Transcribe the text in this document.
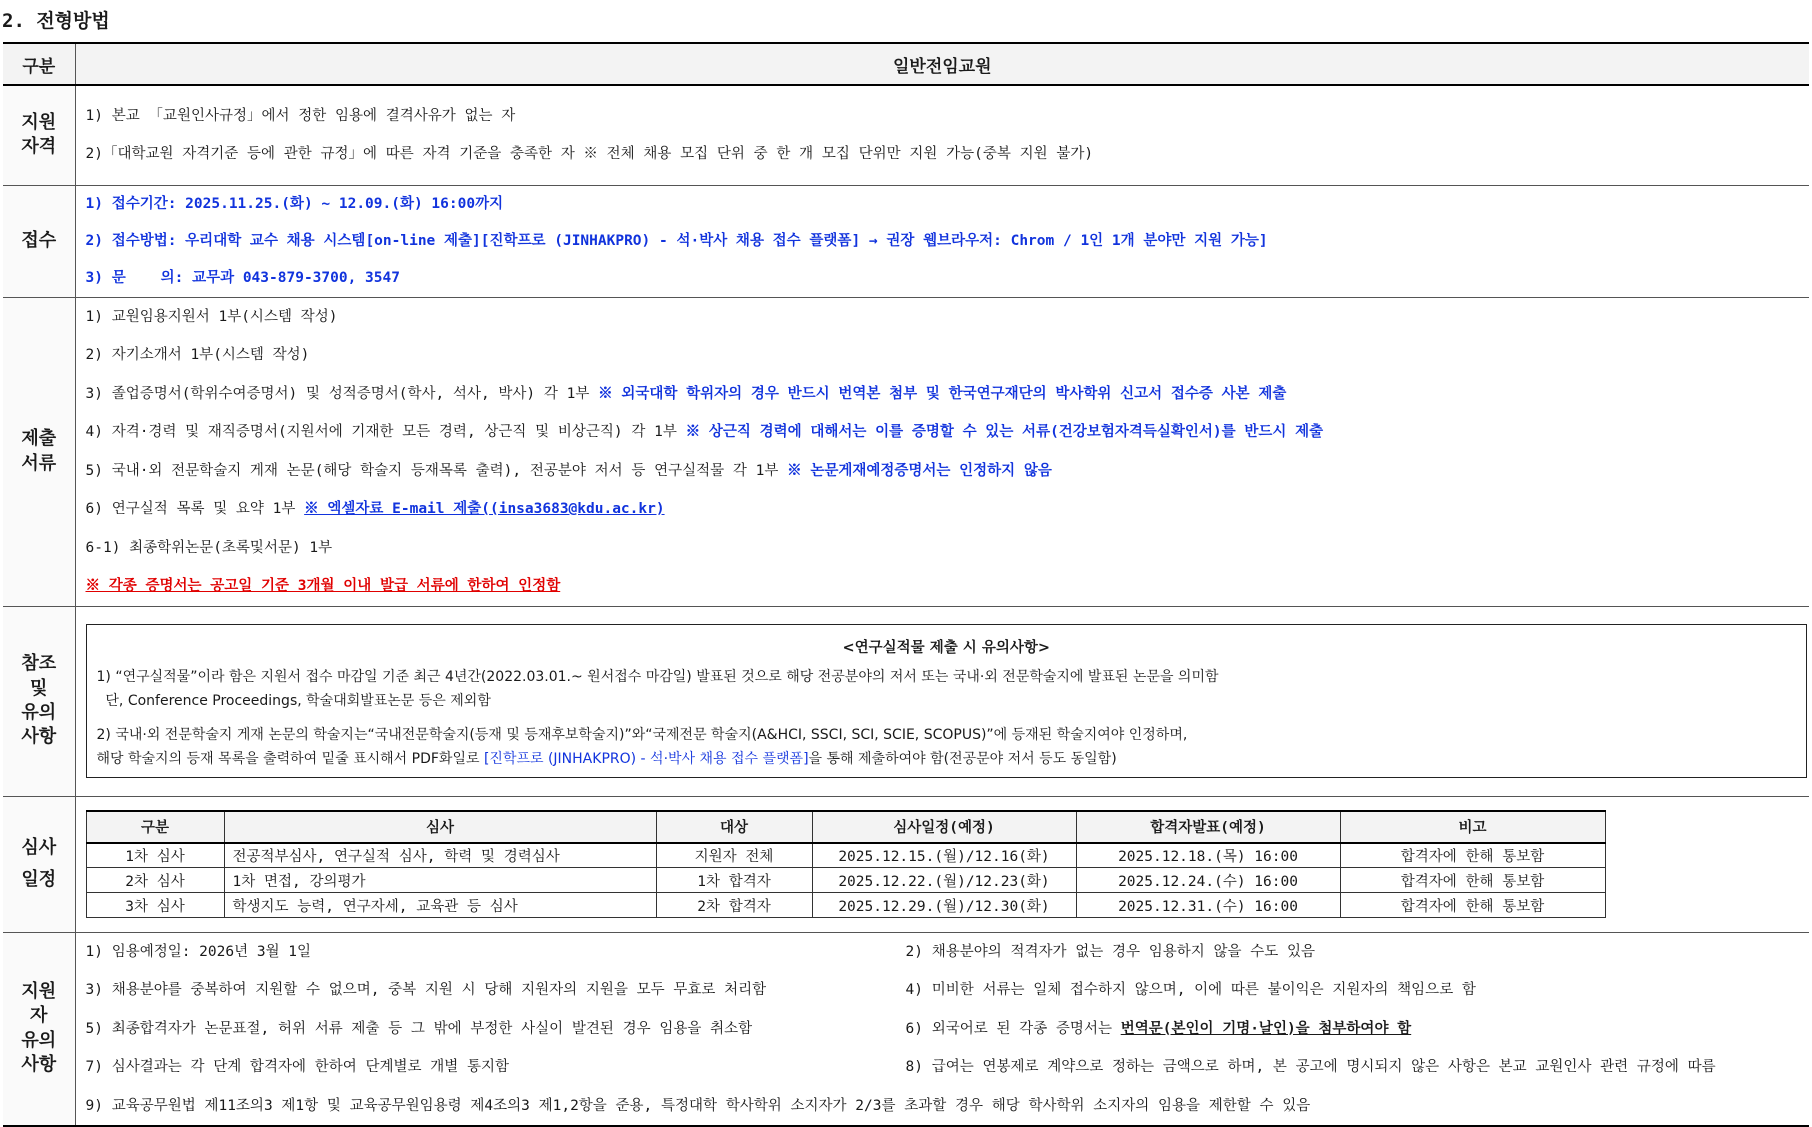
2. 전형방법
구분	일반전임교원
지원
자격	
1) 본교 「교원인사규정」에서 정한 임용에 결격사유가 없는 자
2)「대학교원 자격기준 등에 관한 규정」에 따른 자격 기준을 충족한 자 ※ 전체 채용 모집 단위 중 한 개 모집 단위만 지원 가능(중복 지원 불가)

접수	
1) 접수기간: 2025.11.25.(화) ~ 12.09.(화) 16:00까지
2) 접수방법: 우리대학 교수 채용 시스템[on-line 제출][진학프로 (JINHAKPRO) - 석·박사 채용 접수 플랫폼] → 권장 웹브라우저: Chrom / 1인 1개 분야만 지원 가능]
3) 문    의: 교무과 043-879-3700, 3547

제출
서류	
1) 교원임용지원서 1부(시스템 작성)
2) 자기소개서 1부(시스템 작성)
3) 졸업증명서(학위수여증명서) 및 성적증명서(학사, 석사, 박사) 각 1부 ※ 외국대학 학위자의 경우 반드시 번역본 첨부 및 한국연구재단의 박사학위 신고서 접수증 사본 제출
4) 자격·경력 및 재직증명서(지원서에 기재한 모든 경력, 상근직 및 비상근직) 각 1부 ※ 상근직 경력에 대해서는 이를 증명할 수 있는 서류(건강보험자격득실확인서)를 반드시 제출
5) 국내·외 전문학술지 게재 논문(해당 학술지 등재목록 출력), 전공분야 저서 등 연구실적물 각 1부 ※ 논문게재예정증명서는 인정하지 않음
6) 연구실적 목록 및 요약 1부 ※ 엑셀자료 E-mail 제출((insa3683@kdu.ac.kr)
6-1) 최종학위논문(초록및서문) 1부
※ 각종 증명서는 공고일 기준 3개월 이내 발급 서류에 한하여 인정함

참조
및
유의
사항	
<연구실적물 제출 시 유의사항>
1) “연구실적물”이라 함은 지원서 접수 마감일 기준 최근 4년간(2022.03.01.~ 원서접수 마감일) 발표된 것으로 해당 전공분야의 저서 또는 국내·외 전문학술지에 발표된 논문을 의미함
단, Conference Proceedings, 학술대회발표논문 등은 제외함
2) 국내·외 전문학술지 게재 논문의 학술지는“국내전문학술지(등재 및 등재후보학술지)”와“국제전문 학술지(A&HCI, SSCI, SCI, SCIE, SCOPUS)”에 등재된 학술지여야 인정하며,
해당 학술지의 등재 목록을 출력하여 밑줄 표시해서 PDF화일로 [진학프로 (JINHAKPRO) - 석·박사 채용 접수 플랫폼]을 통해 제출하여야 함(전공문야 저서 등도 동일함)

심사
일정	
구분	심사	대상	심사일정(예정)	합격자발표(예정)	비고
1차 심사	전공적부심사, 연구실적 심사, 학력 및 경력심사	지원자 전체	2025.12.15.(월)/12.16(화)	2025.12.18.(목) 16:00	합격자에 한해 통보함
2차 심사	1차 면접, 강의평가	1차 합격자	2025.12.22.(월)/12.23(화)	2025.12.24.(수) 16:00	합격자에 한해 통보함
3차 심사	학생지도 능력, 연구자세, 교육관 등 심사	2차 합격자	2025.12.29.(월)/12.30(화)	2025.12.31.(수) 16:00	합격자에 한해 통보함

지원
자
유의
사항	
1) 임용예정일: 2026년 3월 1일	2) 채용분야의 적격자가 없는 경우 임용하지 않을 수도 있음
3) 채용분야를 중복하여 지원할 수 없으며, 중복 지원 시 당해 지원자의 지원을 모두 무효로 처리함	4) 미비한 서류는 일체 접수하지 않으며, 이에 따른 불이익은 지원자의 책임으로 함
5) 최종합격자가 논문표절, 허위 서류 제출 등 그 밖에 부정한 사실이 발견된 경우 임용을 취소함	6) 외국어로 된 각종 증명서는 번역문(본인이 기명·날인)을 첨부하여야 함
7) 심사결과는 각 단계 합격자에 한하여 단계별로 개별 통지함	8) 급여는 연봉제로 계약으로 정하는 금액으로 하며, 본 공고에 명시되지 않은 사항은 본교 교원인사 관련 규정에 따름
9) 교육공무원법 제11조의3 제1항 및 교육공무원임용령 제4조의3 제1,2항을 준용, 특정대학 학사학위 소지자가 2/3를 초과할 경우 해당 학사학위 소지자의 임용을 제한할 수 있음
